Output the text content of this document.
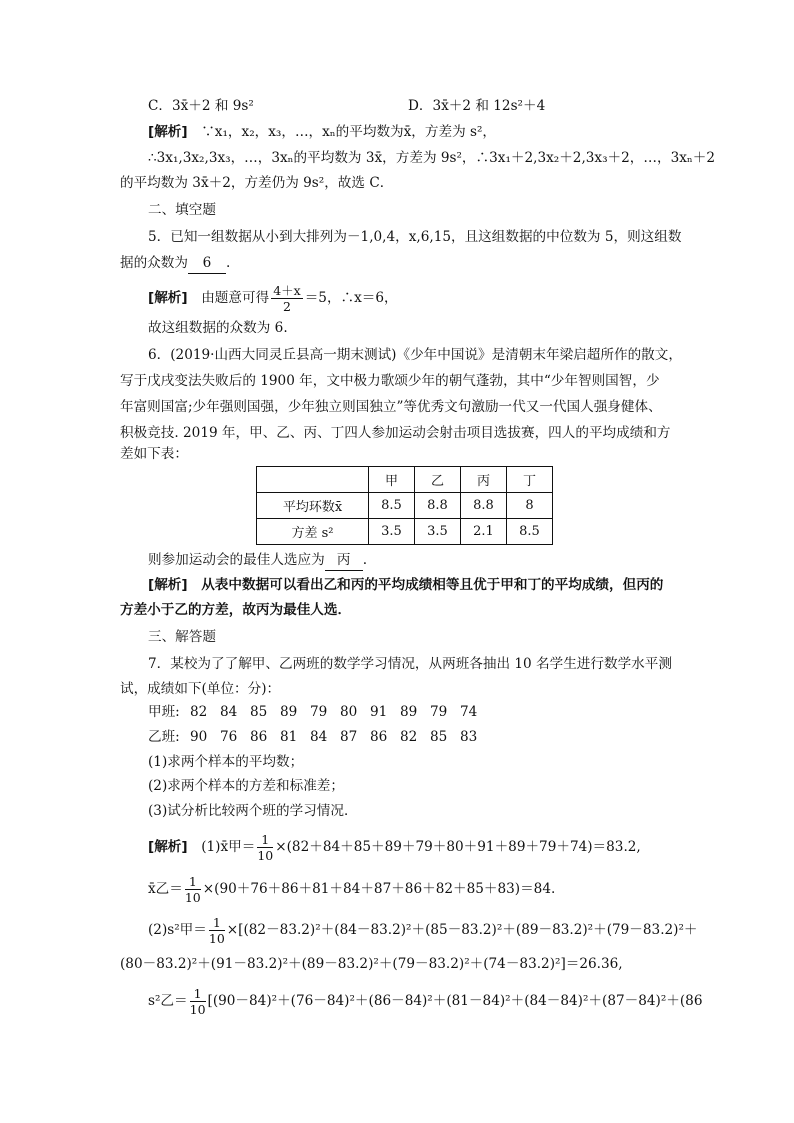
C．3x̄＋2 和 9s²	D．3x̄＋2 和 12s²＋4
[解析]　 ∵x₁，x₂，x₃，…，xₙ的平均数为x̄，方差为 s²，
∴3x₁,3x₂,3x₃，…，3xₙ的平均数为 3x̄，方差为 9s²，∴3x₁＋2,3x₂＋2,3x₃＋2，…，3xₙ＋2
的平均数为 3x̄＋2，方差仍为 9s²，故选 C．
二、填空题
5．已知一组数据从小到大排列为－1,0,4，x,6,15，且这组数据的中位数为 5，则这组数
据的众数为 6 .
[解析]　 由题意可得 $\frac{4+x}{2} =5$，∴x＝6，
故这组数据的众数为 6.
6．(2019·山西大同灵丘县高一期末测试)《少年中国说》是清朝末年梁启超所作的散文，
写于戊戌变法失败后的 1900 年，文中极力歌颂少年的朝气蓬勃，其中“少年智则国智，少
年富则国富;少年强则国强，少年独立则国独立”等优秀文句激励一代又一代国人强身健体、
积极竞技. 2019 年，甲、乙、丙、丁四人参加运动会射击项目选拔赛，四人的平均成绩和方
差如下表：
	甲	乙	丙	丁
平均环数x̄	8.5	8.8	8.8	8
方差 s²	3.5	3.5	2.1	8.5
则参加运动会的最佳人选应为 丙 .
[解析]　 从表中数据可以看出乙和丙的平均成绩相等且优于甲和丁的平均成绩，但丙的
方差小于乙的方差，故丙为最佳人选．
三、解答题
7．某校为了了解甲、乙两班的数学学习情况，从两班各抽出 10 名学生进行数学水平测
试，成绩如下(单位：分)：
甲班: 82 84 85 89 79 80 91 89 79 74
乙班: 90 76 86 81 84 87 86 82 85 83
(1)求两个样本的平均数；
(2)求两个样本的方差和标准差；
(3)试分析比较两个班的学习情况．
[解析]　 (1)x̄甲＝ $\frac{1}{10} \times(82+84+85+89+79+80+91+89+79+74)=83.2$,
x̄乙＝ $\frac{1}{10} \times(90+76+86+81+84+87+86+82+85+83)=84$.
(2)s²甲＝ $\frac{1}{10} \times[(82-83.2)^2+(84-83.2)^2+(85-83.2)^2+(89-83.2)^2+(79-83.2)^2+$
(80－83.2)²＋(91－83.2)²＋(89－83.2)²＋(79－83.2)²＋(74－83.2)²]＝26.36,
s²乙＝ $\frac{1}{10} [(90-84)^2+(76-84)^2+(86-84)^2+(81-84)^2+(84-84)^2+(87-84)^2+(86$
